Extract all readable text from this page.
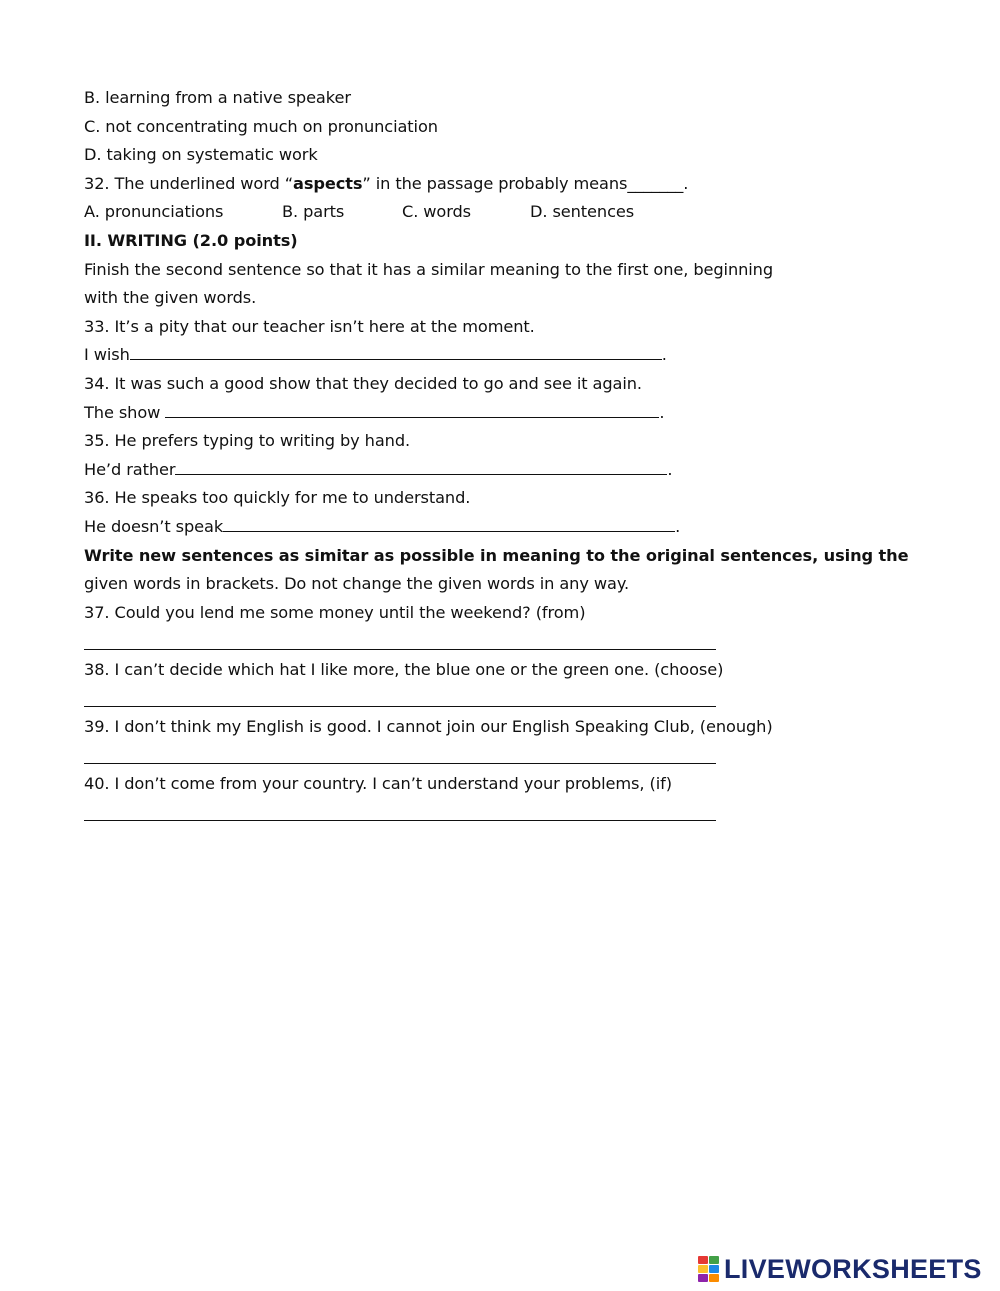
B. learning from a native speaker
C. not concentrating much on pronunciation
D. taking on systematic work
32. The underlined word “aspects” in the passage probably means_______.
A. pronunciations	B. parts	C. words	D. sentences
II. WRITING (2.0 points)
Finish the second sentence so that it has a similar meaning to the first one, beginning
with the given words.
33. It’s a pity that our teacher isn’t here at the moment.
I wish	.
34. It was such a good show that they decided to go and see it again.
The show	.
35. He prefers typing to writing by hand.
He’d rather	.
36. He speaks too quickly for me to understand.
He doesn’t speak	.
Write new sentences as simitar as possible in meaning to the original sentences, using the
given words in brackets. Do not change the given words in any way.
37. Could you lend me some money until the weekend? (from)
38. I can’t decide which hat I like more, the blue one or the green one. (choose)
39. I don’t think my English is good. I cannot join our English Speaking Club, (enough)
40. I don’t come from your country. I can’t understand your problems, (if)
LIVEWORKSHEETS
